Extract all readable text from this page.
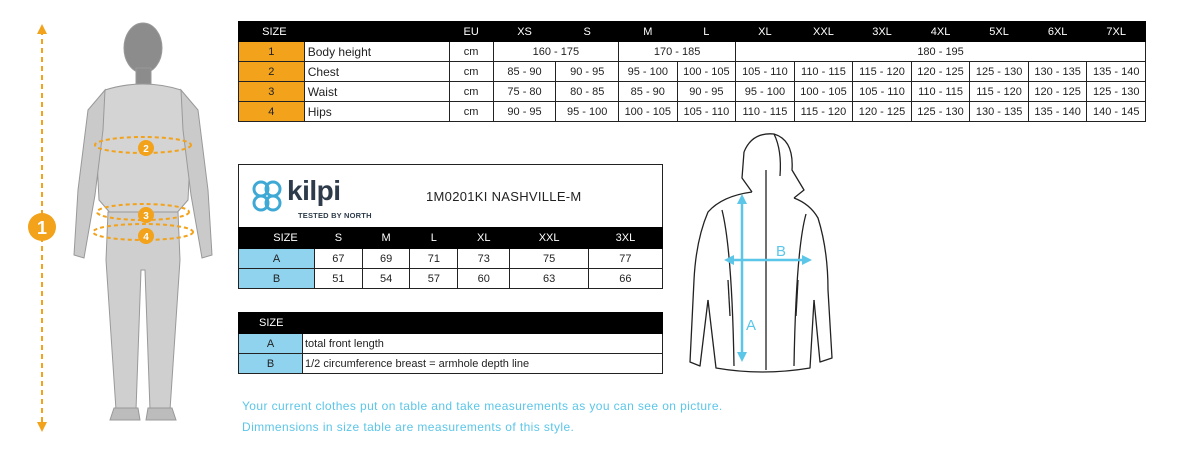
1
2
3
4
SIZE		EU	XS	S	M	L	XL	XXL	3XL	4XL	5XL	6XL	7XL
1	Body height	cm	160 - 175		170 - 185		180 - 195						
2	Chest	cm	85 - 90	90 - 95	95 - 100	100 - 105	105 - 110	110 - 115	115 - 120	120 - 125	125 - 130	130 - 135	135 - 140
3	Waist	cm	75 - 80	80 - 85	85 - 90	90 - 95	95 - 100	100 - 105	105 - 110	110 - 115	115 - 120	120 - 125	125 - 130
4	Hips	cm	90 - 95	95 - 100	100 - 105	105 - 110	110 - 115	115 - 120	120 - 125	125 - 130	130 - 135	135 - 140	140 - 145
kilpi
TESTED BY NORTH
1M0201KI NASHVILLE-M
SIZE	S	M	L	XL	XXL	3XL
A	67	69	71	73	75	77
B	51	54	57	60	63	66
SIZE	
A	total front length
B	1/2 circumference breast = armhole depth line
A
B
Your current clothes put on table and take measurements as you can see on picture.
Dimmensions in size table are measurements of this style.
